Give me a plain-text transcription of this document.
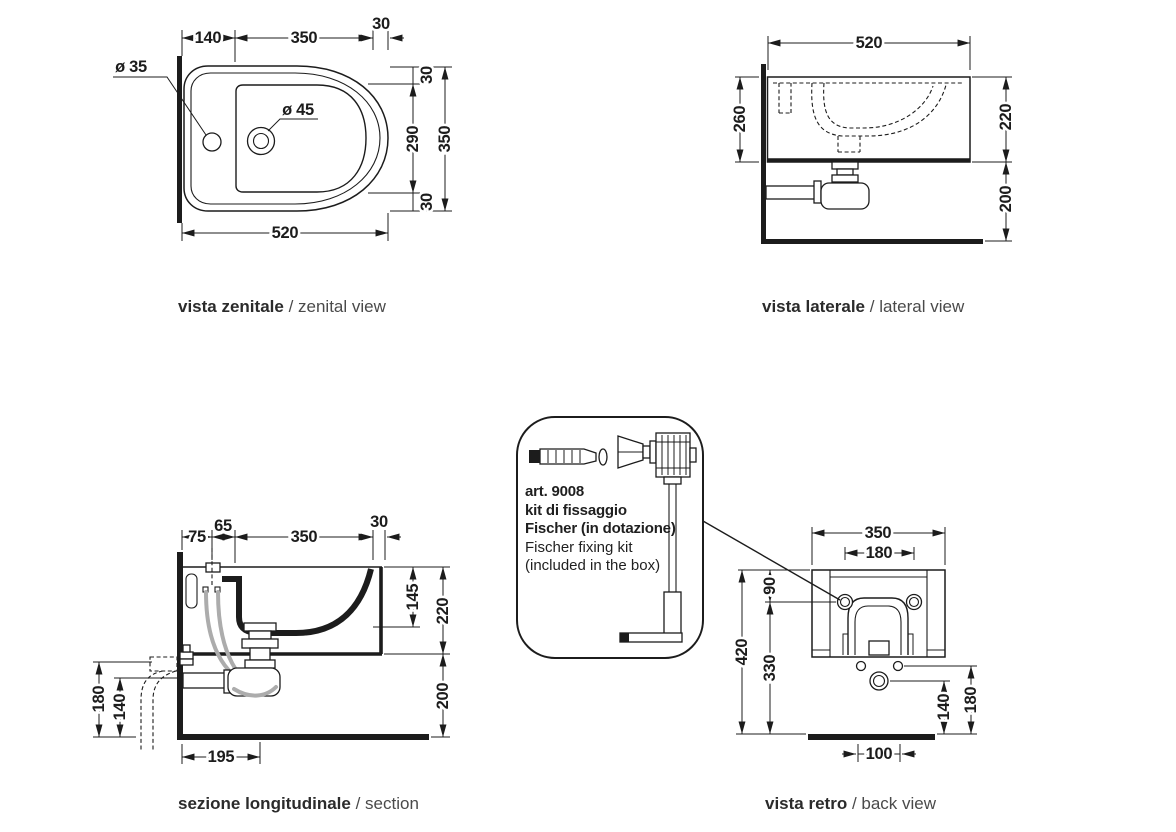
140	350
30
ø 35
ø 45
30
290 350
30
520
520
260	220
200
75
65
350
30
180 140
145
220
200
195
350
180
90
420
330
140 180
100
vista zenitale / zenital view	vista laterale / lateral view
sezione longitudinale / section	vista retro / back view
art. 9008
kit di fissaggio
Fischer (in dotazione)
Fischer fixing kit
(included in the box)
